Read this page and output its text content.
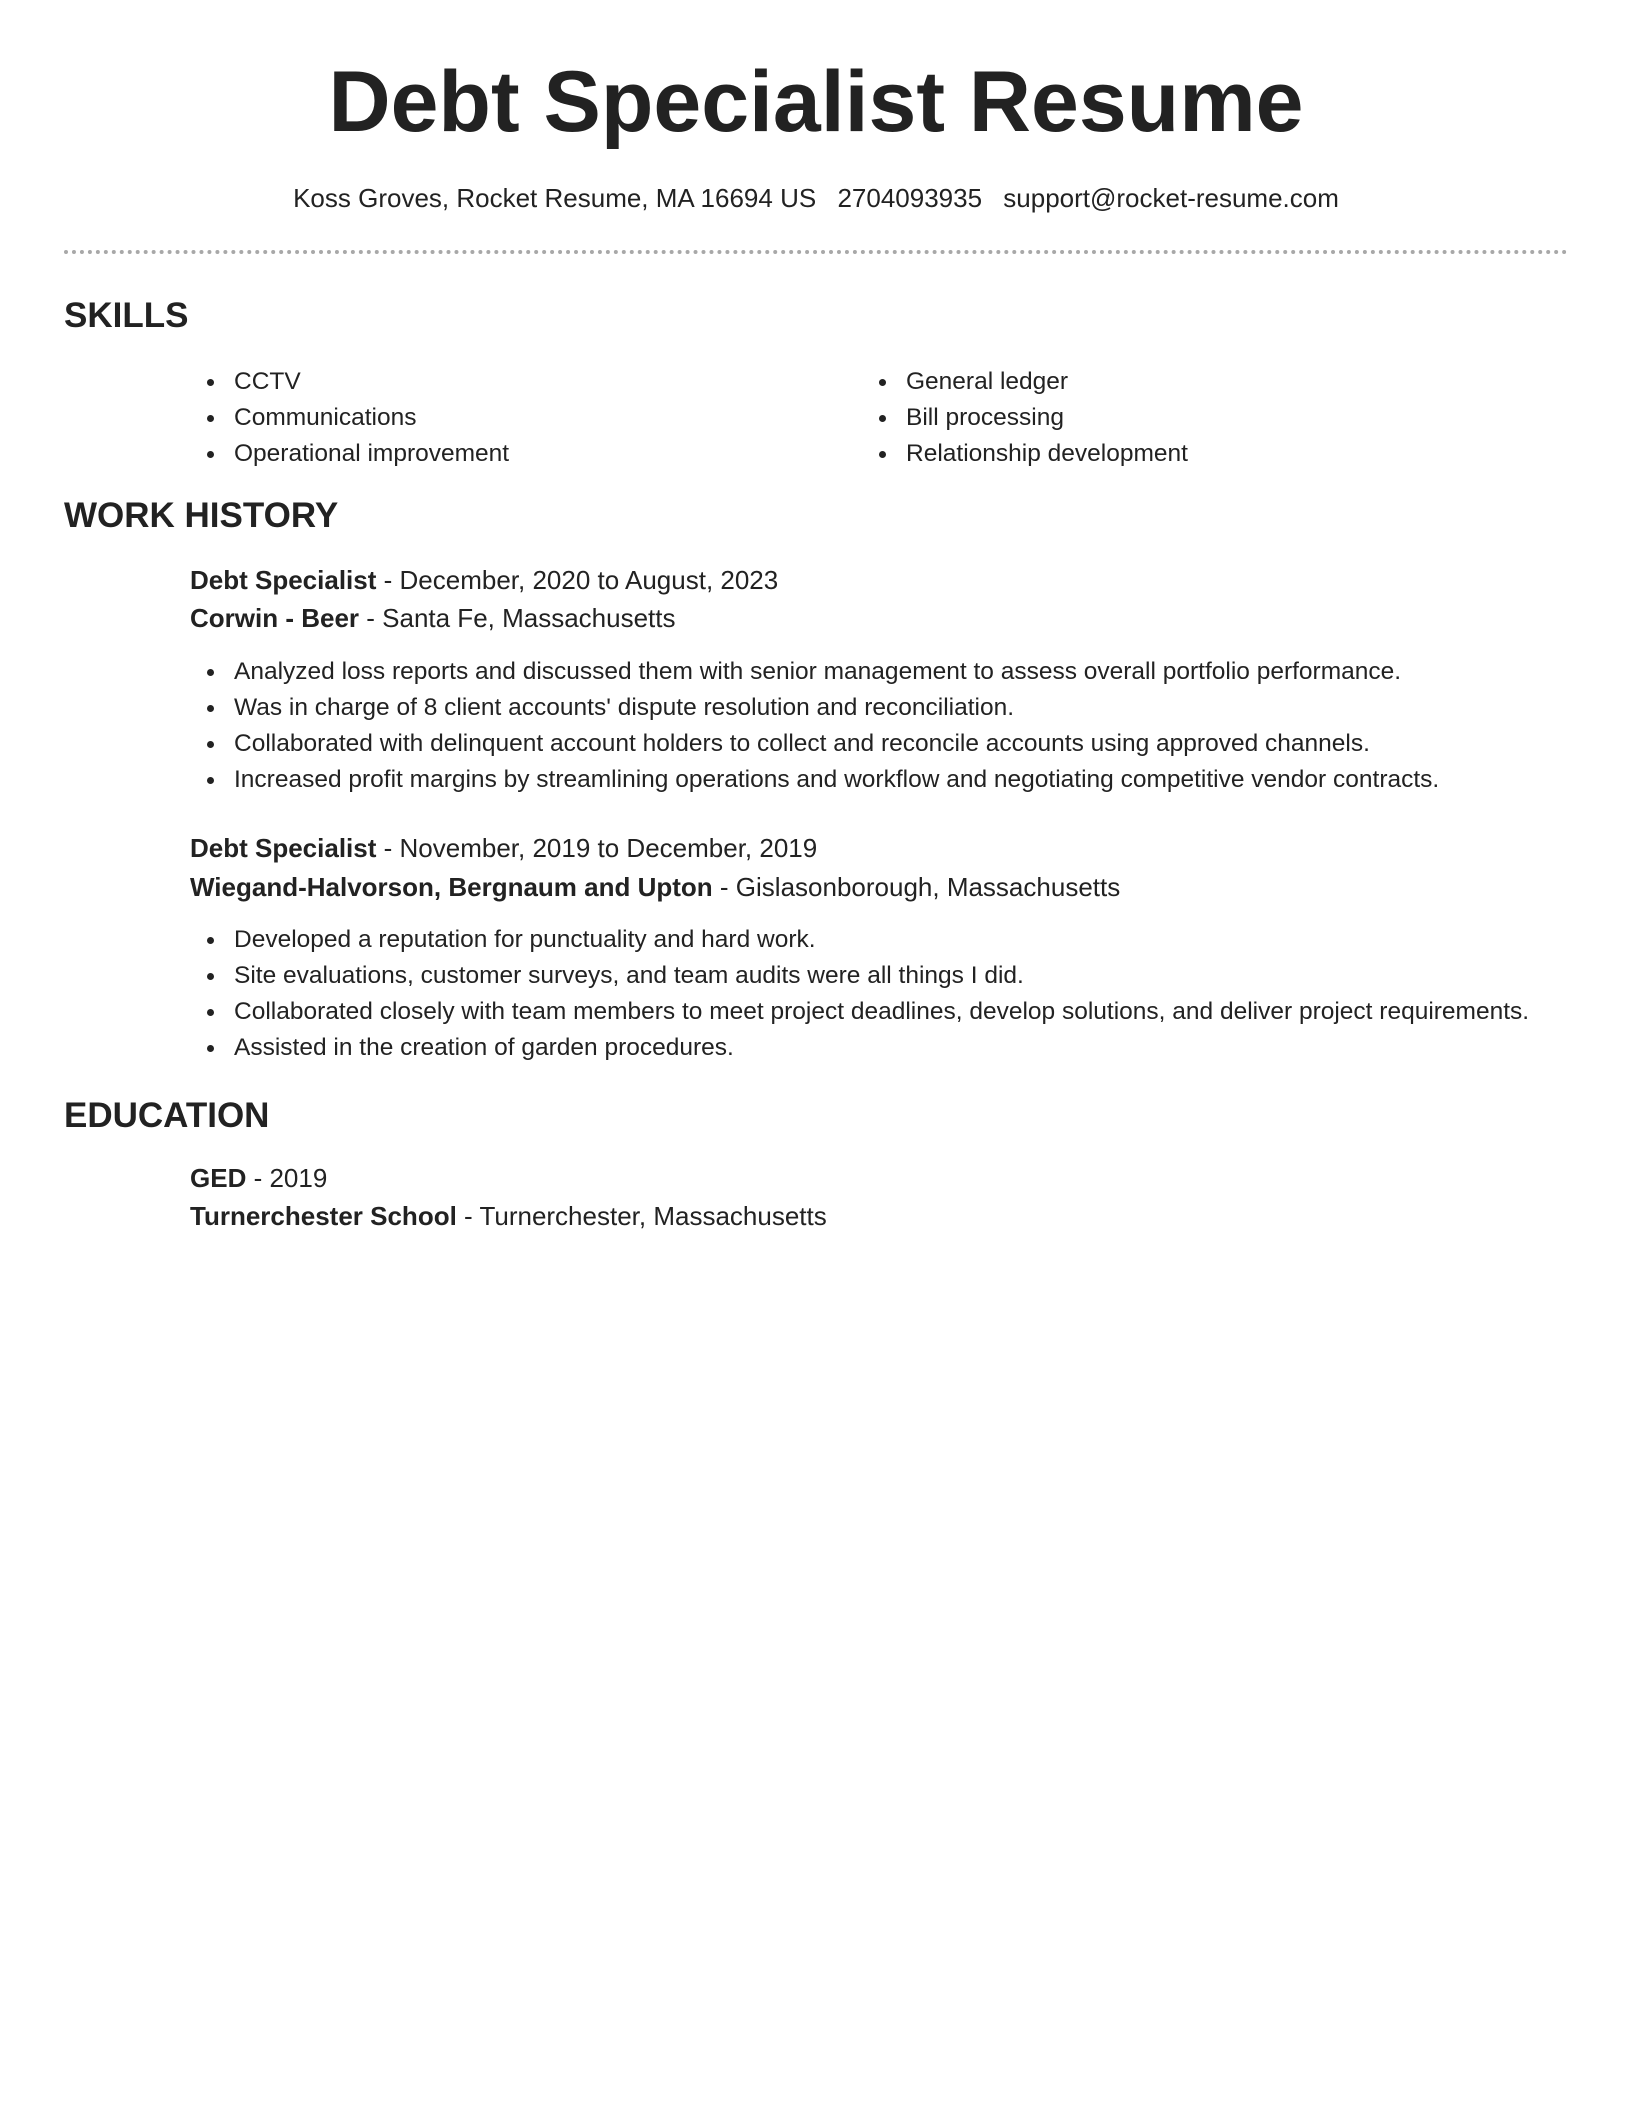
Debt Specialist Resume
Koss Groves, Rocket Resume, MA 16694 US 2704093935 support@rocket-resume.com
SKILLS
CCTV
Communications
Operational improvement
General ledger
Bill processing
Relationship development
WORK HISTORY
Debt Specialist - December, 2020 to August, 2023
Corwin - Beer - Santa Fe, Massachusetts
Analyzed loss reports and discussed them with senior management to assess overall portfolio performance.
Was in charge of 8 client accounts' dispute resolution and reconciliation.
Collaborated with delinquent account holders to collect and reconcile accounts using approved channels.
Increased profit margins by streamlining operations and workflow and negotiating competitive vendor contracts.
Debt Specialist - November, 2019 to December, 2019
Wiegand-Halvorson, Bergnaum and Upton - Gislasonborough, Massachusetts
Developed a reputation for punctuality and hard work.
Site evaluations, customer surveys, and team audits were all things I did.
Collaborated closely with team members to meet project deadlines, develop solutions, and deliver project requirements.
Assisted in the creation of garden procedures.
EDUCATION
GED - 2019
Turnerchester School - Turnerchester, Massachusetts
